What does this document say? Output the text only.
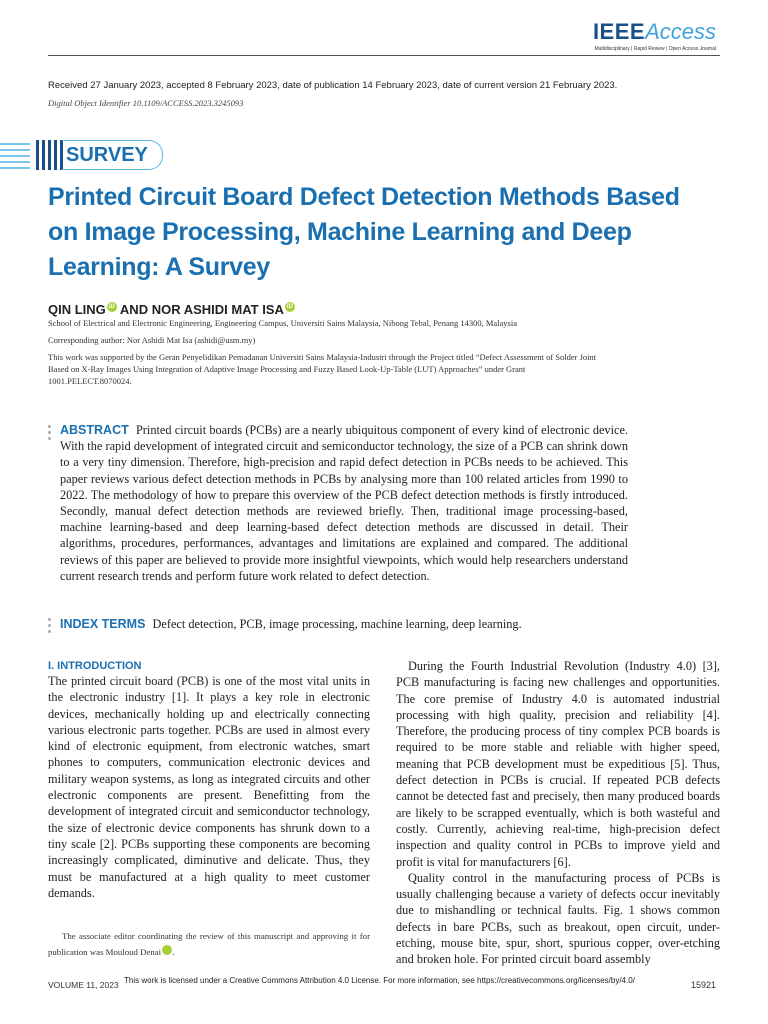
IEEEAccess
Multidisciplinary | Rapid Review | Open Access Journal
Received 27 January 2023, accepted 8 February 2023, date of publication 14 February 2023, date of current version 21 February 2023.
Digital Object Identifier 10.1109/ACCESS.2023.3245093
SURVEY
Printed Circuit Board Defect Detection Methods Based on Image Processing, Machine Learning and Deep Learning: A Survey
QIN LING iD AND NOR ASHIDI MAT ISA iD
School of Electrical and Electronic Engineering, Engineering Campus, Universiti Sains Malaysia, Nibong Tebal, Penang 14300, Malaysia
Corresponding author: Nor Ashidi Mat Isa (ashidi@usm.my)
This work was supported by the Geran Penyelidikan Pemadanan Universiti Sains Malaysia-Industri through the Project titled “Defect Assessment of Solder Joint Based on X-Ray Images Using Integration of Adaptive Image Processing and Fuzzy Based Look-Up-Table (LUT) Approaches” under Grant 1001.PELECT.8070024.
ABSTRACT Printed circuit boards (PCBs) are a nearly ubiquitous component of every kind of electronic device. With the rapid development of integrated circuit and semiconductor technology, the size of a PCB can shrink down to a very tiny dimension. Therefore, high-precision and rapid defect detection in PCBs needs to be achieved. This paper reviews various defect detection methods in PCBs by analysing more than 100 related articles from 1990 to 2022. The methodology of how to prepare this overview of the PCB defect detection methods is firstly introduced. Secondly, manual defect detection methods are reviewed briefly. Then, traditional image processing-based, machine learning-based and deep learning-based defect detection methods are discussed in detail. Their algorithms, procedures, performances, advantages and limitations are explained and compared. The additional reviews of this paper are believed to provide more insightful viewpoints, which would help researchers understand current research trends and perform future work related to defect detection.
INDEX TERMS Defect detection, PCB, image processing, machine learning, deep learning.
I. INTRODUCTION

The printed circuit board (PCB) is one of the most vital units in the electronic industry [1]. It plays a key role in electronic devices, mechanically holding up and electrically connecting various electronic parts together. PCBs are used in almost every kind of electronic equipment, from electronic watches, smart phones to computers, communication electronic devices and military weapon systems, as long as integrated circuits and other electronic components are present. Benefitting from the development of integrated circuit and semiconductor technology, the size of electronic device components has shrunk down to a tiny scale [2]. PCBs supporting these components are becoming increasingly complicated, diminutive and delicate. Thus, they must be manufactured at a high quality to meet customer demands.

During the Fourth Industrial Revolution (Industry 4.0) [3], PCB manufacturing is facing new challenges and opportunities. The core premise of Industry 4.0 is automated industrial processing with high quality, precision and reliability [4]. Therefore, the producing process of tiny complex PCB boards is required to be more stable and reliable with higher speed, meaning that PCB development must be expeditious [5]. Thus, defect detection in PCBs is crucial. If repeated PCB defects cannot be detected fast and precisely, then many produced boards are likely to be scrapped eventually, which is both wasteful and costly. Currently, achieving real-time, high-precision defect inspection and quality control in PCBs to improve yield and profit is vital for manufacturers [6].

Quality control in the manufacturing process of PCBs is usually challenging because a variety of defects occur inevitably due to mishandling or technical faults. Fig. 1 shows common defects in bare PCBs, such as breakout, open circuit, under-etching, mouse bite, spur, short, spurious copper, over-etching and broken hole. For printed circuit board assembly

The associate editor coordinating the review of this manuscript and approving it for publication was Mouloud Denai	iD.
VOLUME 11, 2023 This work is licensed under a Creative Commons Attribution 4.0 License. For more information, see https://creativecommons.org/licenses/by/4.0/	15921
